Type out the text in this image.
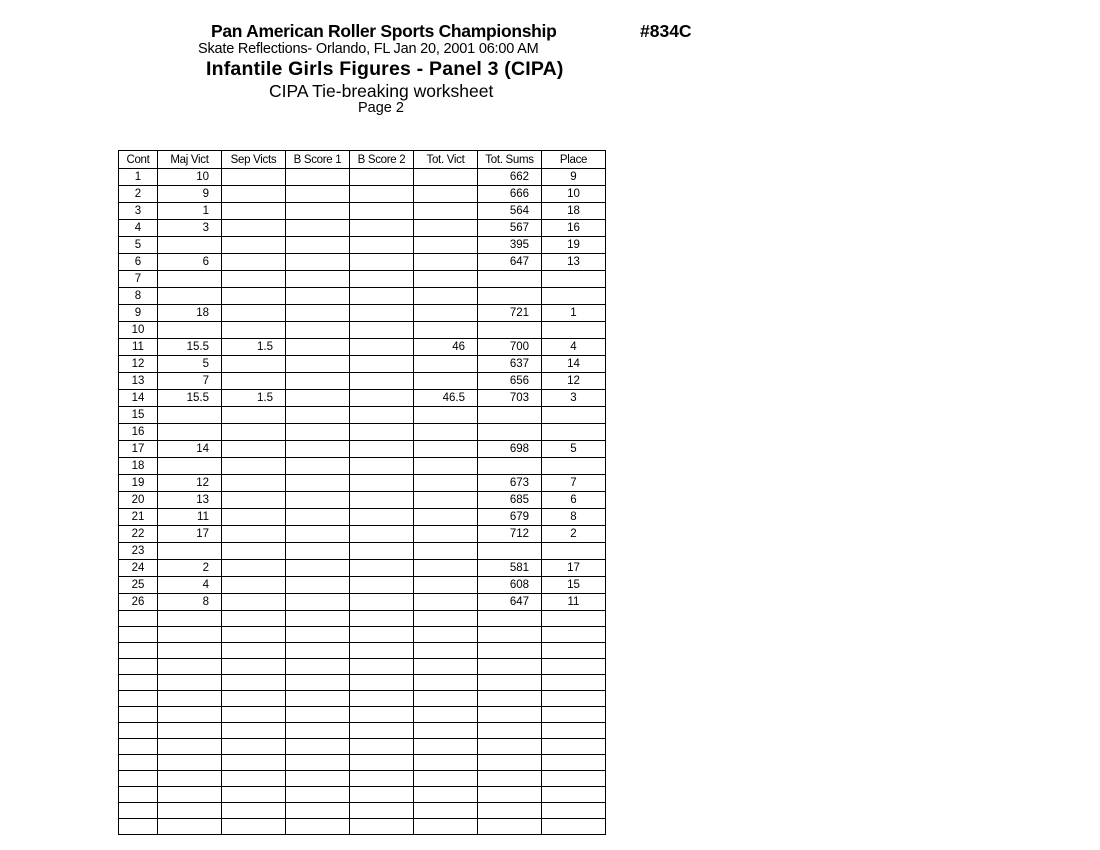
Pan American Roller Sports Championship	#834C
Skate Reflections- Orlando, FL Jan 20, 2001 06:00 AM
Infantile Girls Figures - Panel 3 (CIPA)
CIPA Tie-breaking worksheet
Page 2
Cont	Maj Vict	Sep Victs	B Score 1	B Score 2	Tot. Vict	Tot. Sums	Place
1	10					662	9
2	9					666	10
3	1					564	18
4	3					567	16
5						395	19
6	6					647	13
7							
8							
9	18					721	1
10							
11	15.5	1.5			46	700	4
12	5					637	14
13	7					656	12
14	15.5	1.5			46.5	703	3
15							
16							
17	14					698	5
18							
19	12					673	7
20	13					685	6
21	11					679	8
22	17					712	2
23							
24	2					581	17
25	4					608	15
26	8					647	11
